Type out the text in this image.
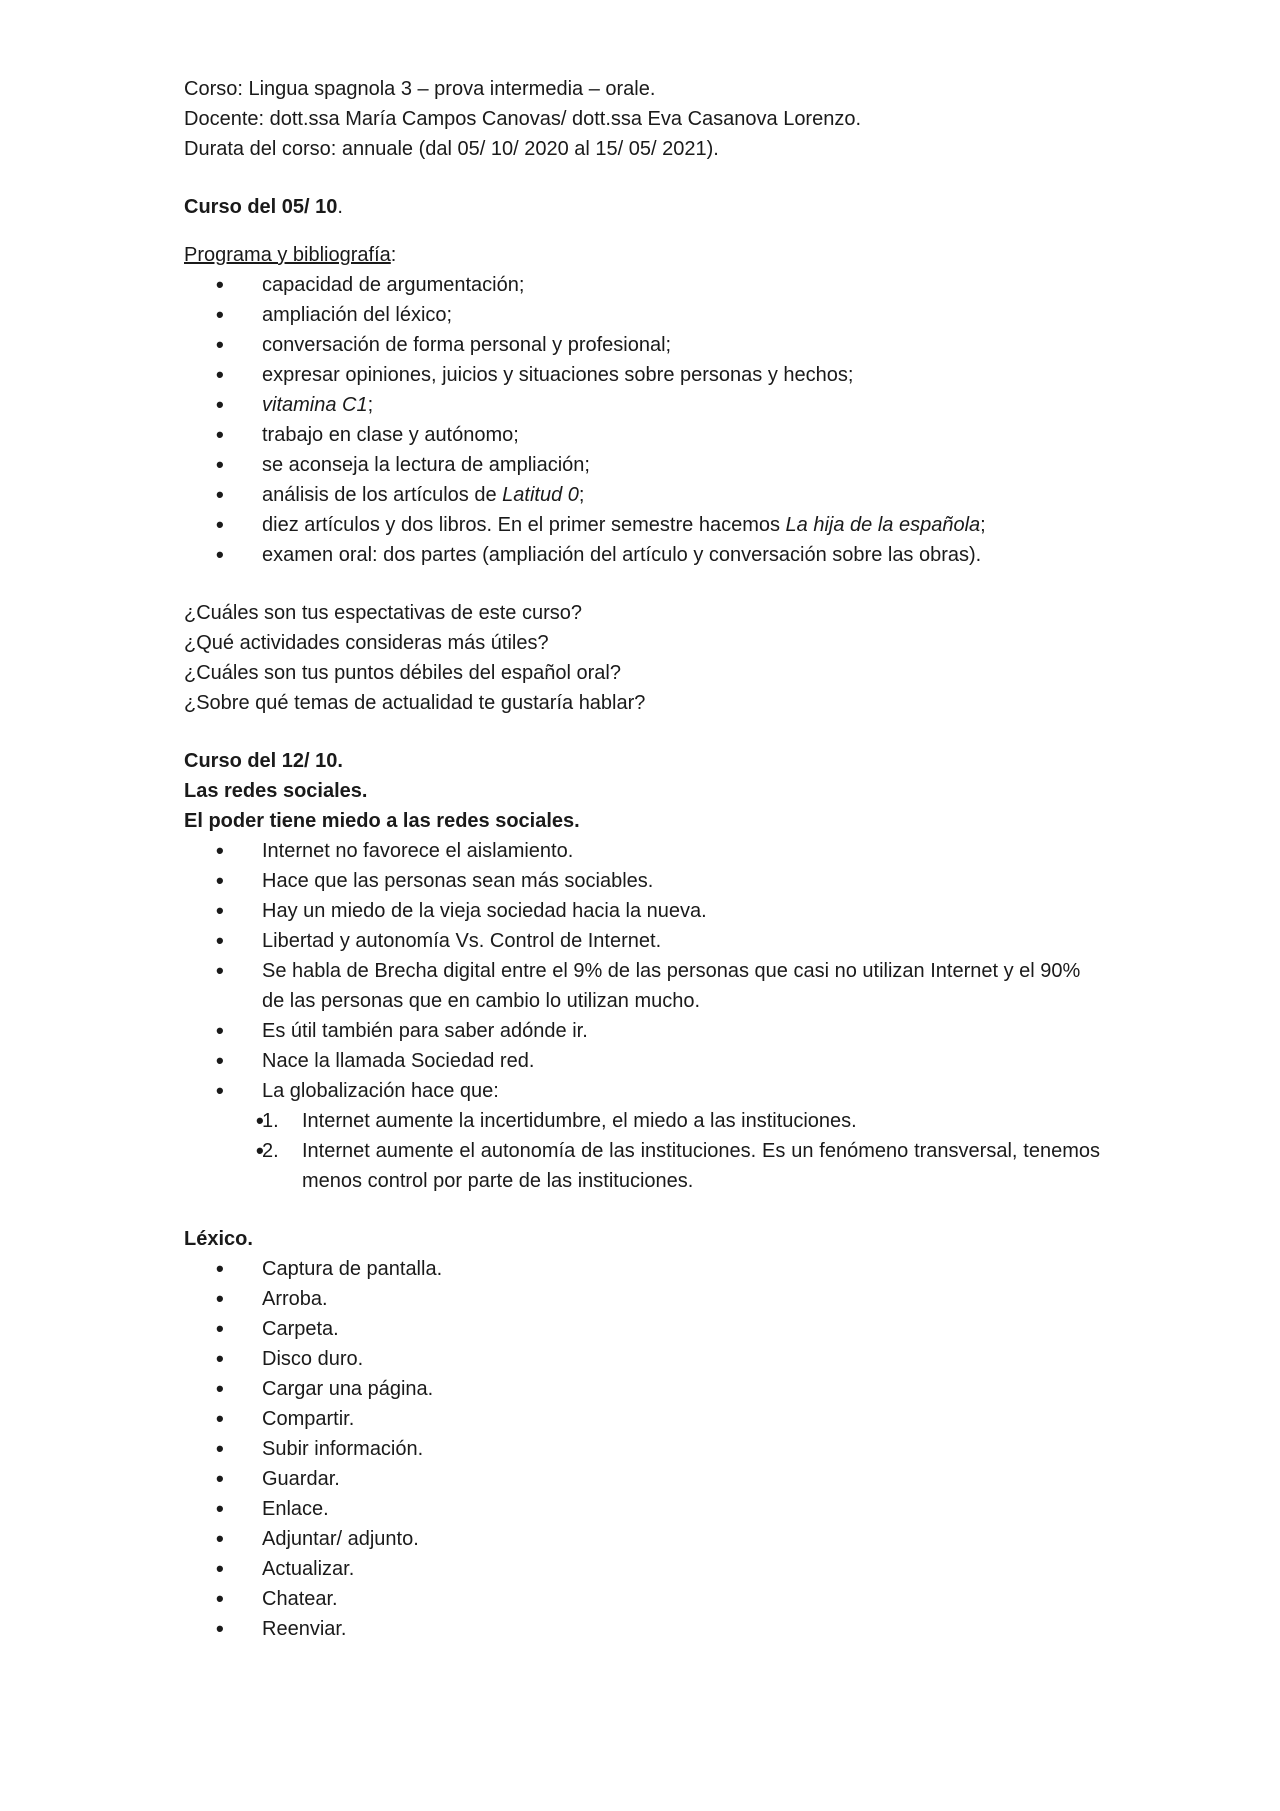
Corso: Lingua spagnola 3 – prova intermedia – orale.

Docente: dott.ssa María Campos Canovas/ dott.ssa Eva Casanova Lorenzo.

Durata del corso: annuale (dal 05/ 10/ 2020 al 15/ 05/ 2021).

Curso del 05/ 10.

Programa y bibliografía:

• capacidad de argumentación;
• ampliación del léxico;
• conversación de forma personal y profesional;
• expresar opiniones, juicios y situaciones sobre personas y hechos;
• vitamina C1;
• trabajo en clase y autónomo;
• se aconseja la lectura de ampliación;
• análisis de los artículos de Latitud 0;
• diez artículos y dos libros. En el primer semestre hacemos La hija de la española;
• examen oral: dos partes (ampliación del artículo y conversación sobre las obras).

¿Cuáles son tus espectativas de este curso?

¿Qué actividades consideras más útiles?

¿Cuáles son tus puntos débiles del español oral?

¿Sobre qué temas de actualidad te gustaría hablar?

Curso del 12/ 10.

Las redes sociales.

El poder tiene miedo a las redes sociales.

• Internet no favorece el aislamiento.
• Hace que las personas sean más sociables.
• Hay un miedo de la vieja sociedad hacia la nueva.
• Libertad y autonomía Vs. Control de Internet.
• Se habla de Brecha digital entre el 9% de las personas que casi no utilizan Internet y el 90% de las personas que en cambio lo utilizan mucho.
• Es útil también para saber adónde ir.
• Nace la llamada Sociedad red.
• La globalización hace que:
• 1. Internet aumente la incertidumbre, el miedo a las instituciones.
• 2. Internet aumente el autonomía de las instituciones. Es un fenómeno transversal, tenemos menos control por parte de las instituciones.

Léxico.

• Captura de pantalla.
• Arroba.
• Carpeta.
• Disco duro.
• Cargar una página.
• Compartir.
• Subir información.
• Guardar.
• Enlace.
• Adjuntar/ adjunto.
• Actualizar.
• Chatear.
• Reenviar.
